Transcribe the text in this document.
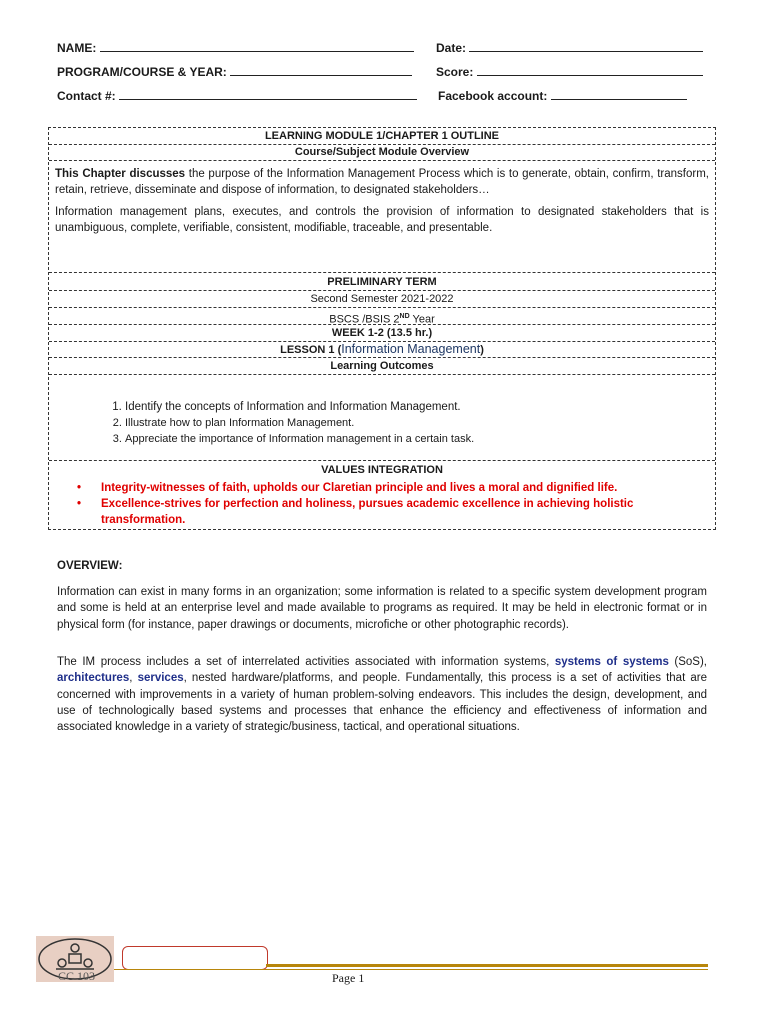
NAME:	Date:
PROGRAM/COURSE & YEAR:	Score:
Contact #:	Facebook account:
LEARNING MODULE 1/CHAPTER 1 OUTLINE
Course/Subject Module Overview

This Chapter discusses the purpose of the Information Management Process which is to generate, obtain, confirm, transform, retain, retrieve, disseminate and dispose of information, to designated stakeholders…

Information management plans, executes, and controls the provision of information to designated stakeholders that is unambiguous, complete, verifiable, consistent, modifiable, traceable, and presentable.

PRELIMINARY TERM
Second Semester 2021-2022
BSCS /BSIS 2ND Year
WEEK 1-2 (13.5 hr.)
LESSON 1 (Information Management)
Learning Outcomes
1. Identify the concepts of Information and Information Management.
2. Illustrate how to plan Information Management.
3. Appreciate the importance of Information management in a certain task.
VALUES INTEGRATION
• Integrity-witnesses of faith, upholds our Claretian principle and lives a moral and dignified life.
• Excellence-strives for perfection and holiness, pursues academic excellence in achieving holistic transformation.
OVERVIEW:

Information can exist in many forms in an organization; some information is related to a specific system development program and some is held at an enterprise level and made available to programs as required. It may be held in electronic format or in physical form (for instance, paper drawings or documents, microfiche or other photographic records).

The IM process includes a set of interrelated activities associated with information systems, systems of systems (SoS), architectures, services, nested hardware/platforms, and people. Fundamentally, this process is a set of activities that are concerned with improvements in a variety of human problem-solving endeavors. This includes the design, development, and use of technologically based systems and processes that enhance the efficiency and effectiveness of information and associated knowledge in a variety of strategic/business, tactical, and operational situations.

CC 103	Page 1
